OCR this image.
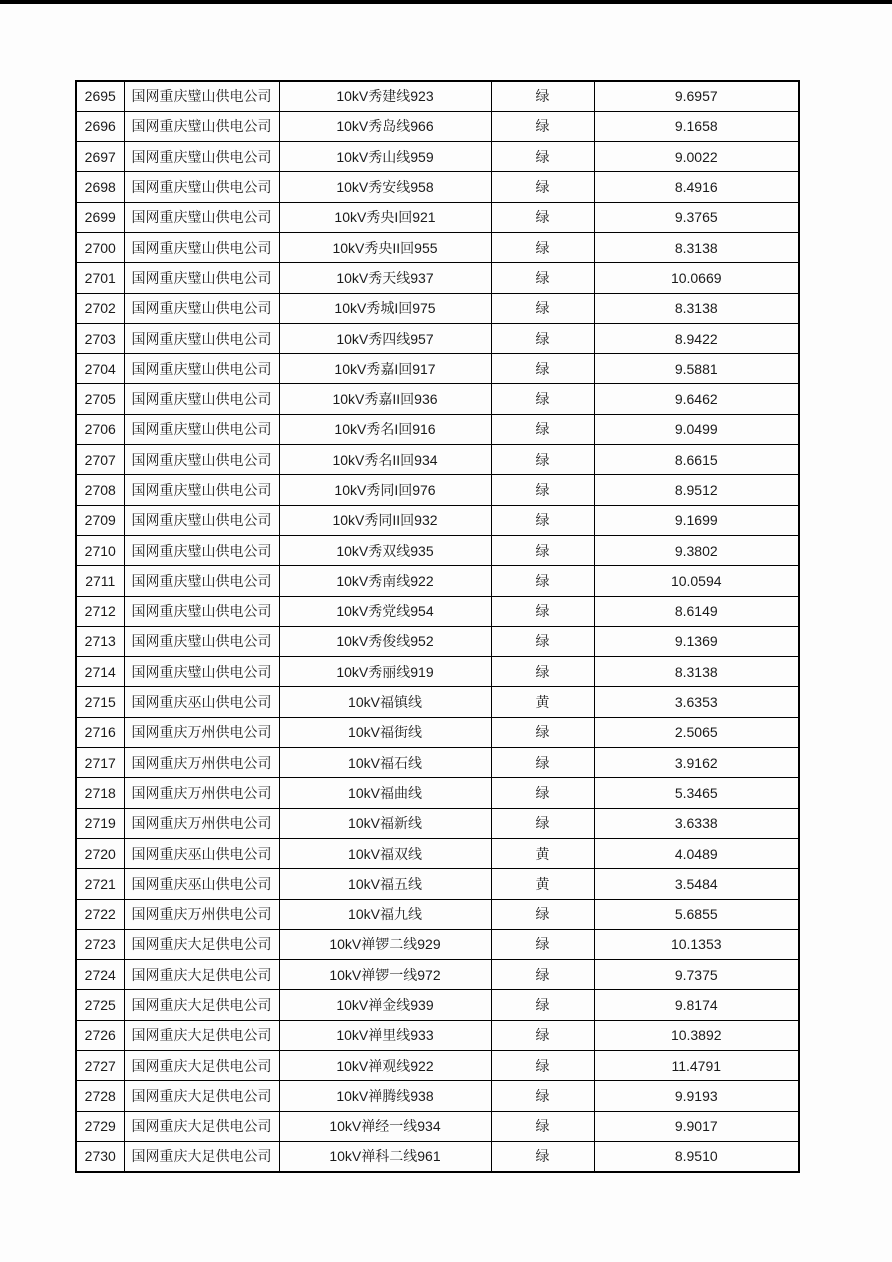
2695	国网重庆璧山供电公司	10kV秀建线923	绿	9.6957
2696	国网重庆璧山供电公司	10kV秀岛线966	绿	9.1658
2697	国网重庆璧山供电公司	10kV秀山线959	绿	9.0022
2698	国网重庆璧山供电公司	10kV秀安线958	绿	8.4916
2699	国网重庆璧山供电公司	10kV秀央I回921	绿	9.3765
2700	国网重庆璧山供电公司	10kV秀央II回955	绿	8.3138
2701	国网重庆璧山供电公司	10kV秀天线937	绿	10.0669
2702	国网重庆璧山供电公司	10kV秀城I回975	绿	8.3138
2703	国网重庆璧山供电公司	10kV秀四线957	绿	8.9422
2704	国网重庆璧山供电公司	10kV秀嘉I回917	绿	9.5881
2705	国网重庆璧山供电公司	10kV秀嘉II回936	绿	9.6462
2706	国网重庆璧山供电公司	10kV秀名I回916	绿	9.0499
2707	国网重庆璧山供电公司	10kV秀名II回934	绿	8.6615
2708	国网重庆璧山供电公司	10kV秀同I回976	绿	8.9512
2709	国网重庆璧山供电公司	10kV秀同II回932	绿	9.1699
2710	国网重庆璧山供电公司	10kV秀双线935	绿	9.3802
2711	国网重庆璧山供电公司	10kV秀南线922	绿	10.0594
2712	国网重庆璧山供电公司	10kV秀党线954	绿	8.6149
2713	国网重庆璧山供电公司	10kV秀俊线952	绿	9.1369
2714	国网重庆璧山供电公司	10kV秀丽线919	绿	8.3138
2715	国网重庆巫山供电公司	10kV福镇线	黄	3.6353
2716	国网重庆万州供电公司	10kV福街线	绿	2.5065
2717	国网重庆万州供电公司	10kV福石线	绿	3.9162
2718	国网重庆万州供电公司	10kV福曲线	绿	5.3465
2719	国网重庆万州供电公司	10kV福新线	绿	3.6338
2720	国网重庆巫山供电公司	10kV福双线	黄	4.0489
2721	国网重庆巫山供电公司	10kV福五线	黄	3.5484
2722	国网重庆万州供电公司	10kV福九线	绿	5.6855
2723	国网重庆大足供电公司	10kV禅锣二线929	绿	10.1353
2724	国网重庆大足供电公司	10kV禅锣一线972	绿	9.7375
2725	国网重庆大足供电公司	10kV禅金线939	绿	9.8174
2726	国网重庆大足供电公司	10kV禅里线933	绿	10.3892
2727	国网重庆大足供电公司	10kV禅观线922	绿	11.4791
2728	国网重庆大足供电公司	10kV禅腾线938	绿	9.9193
2729	国网重庆大足供电公司	10kV禅经一线934	绿	9.9017
2730	国网重庆大足供电公司	10kV禅科二线961	绿	8.9510
